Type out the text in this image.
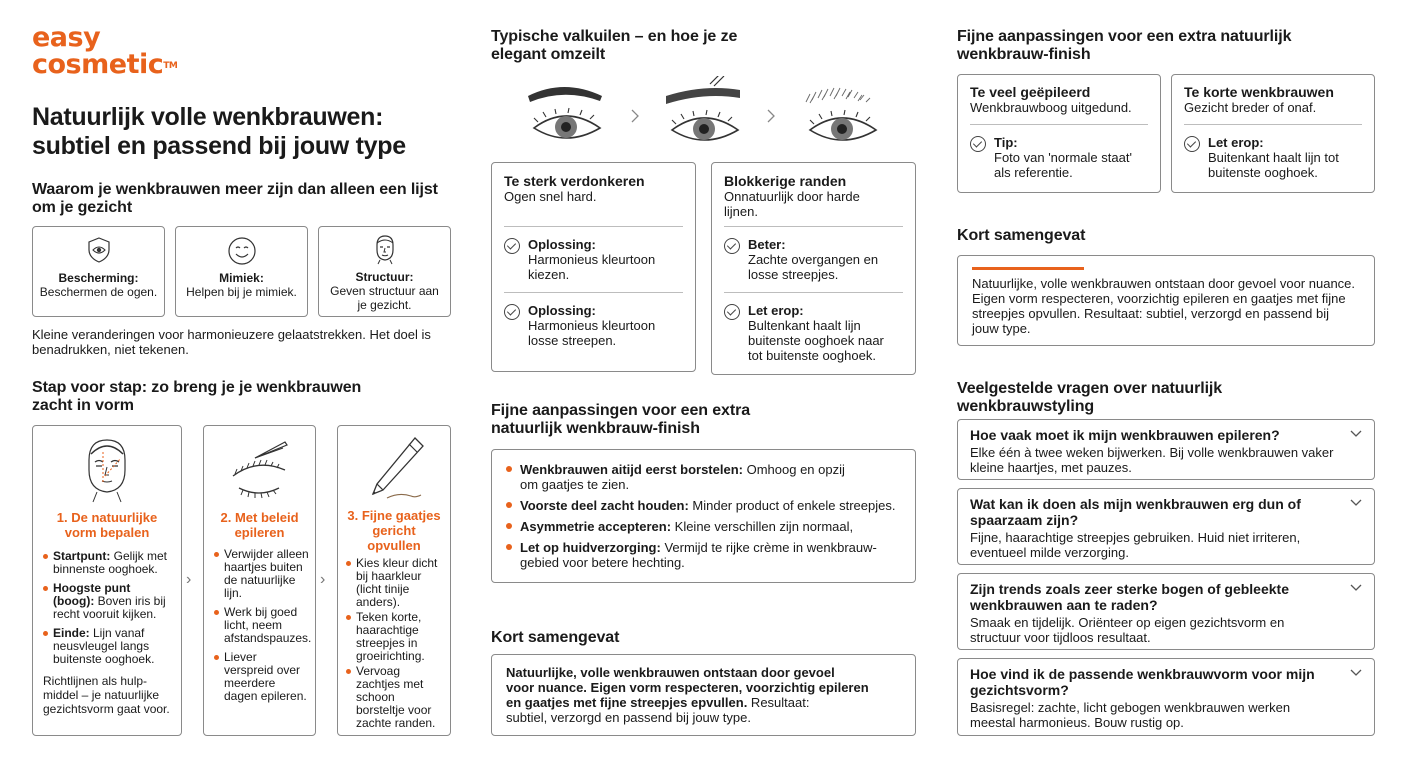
easy
cosmetic™
Natuurlijk volle wenkbrauwen:
subtiel en passend bij jouw type
Waarom je wenkbrauwen meer zijn dan alleen een lijst
om je gezicht
Bescherming:
Beschermen de ogen.
Mimiek:
Helpen bij je mimiek.
Structuur:
Geven structuur aan
je gezicht.
Kleine veranderingen voor harmonieuzere gelaatstrekken. Het doel is
benadrukken, niet tekenen.
Stap voor stap: zo breng je je wenkbrauwen
zacht in vorm
1. De natuurlijke
vorm bepalen
Startpunt: Gelijk met binnenste ooghoek.
Hoogste punt (boog): Boven iris bij recht vooruit kijken.
Einde: Lijn vanaf neusvleugel langs buitenste ooghoek.
Richtlijnen als hulp-middel – je natuurlijke gezichtsvorm gaat voor.
›
2. Met beleid
epileren
Verwijder alleen haartjes buiten de natuurlijke lijn.
Werk bij goed licht, neem afstandspauzes.
Liever verspreid over meerdere dagen epileren.
›
3. Fijne gaatjes
gericht
opvullen
Kies kleur dicht bij haarkleur (licht tinije anders).
Teken korte, haarachtige streepjes in groeirichting.
Vervoag zachtjes met schoon borsteltje voor zachte randen.
Typische valkuilen – en hoe je ze
elegant omzeilt
Te sterk verdonkeren
Ogen snel hard.
Oplossing:
Harmonieus kleurtoon
kiezen.
Oplossing:
Harmonieus kleurtoon
losse streepen.
Blokkerige randen
Onnatuurlijk door harde
lijnen.
Beter:
Zachte overgangen en
losse streepjes.
Let erop:
Bultenkant haalt lijn
buitenste ooghoek naar
tot buitenste ooghoek.
Fijne aanpassingen voor een extra
natuurlijk wenkbrauw-finish
Wenkbrauwen aitijd eerst borstelen: Omhoog en opzij
om gaatjes te zien.
Voorste deel zacht houden: Minder product of enkele streepjes.
Asymmetrie accepteren: Kleine verschillen zijn normaal,
Let op huidverzorging: Vermijd te rijke crème in wenkbrauw-
gebied voor betere hechting.
Kort samengevat
Natuurlijke, volle wenkbrauwen ontstaan door gevoel
voor nuance. Eigen vorm respecteren, voorzichtig epileren
en gaatjes met fijne streepjes epvullen. Resultaat:
subtiel, verzorgd en passend bij jouw type.
Fijne aanpassingen voor een extra natuurlijk
wenkbrauw-finish
Te veel geëpileerd
Wenkbrauwboog uitgedund.
Tip:
Foto van 'normale staat'
als referentie.
Te korte wenkbrauwen
Gezicht breder of onaf.
Let erop:
Buitenkant haalt lijn tot
buitenste ooghoek.
Kort samengevat
Natuurlijke, volle wenkbrauwen ontstaan door gevoel voor nuance.
Eigen vorm respecteren, voorzichtig epileren en gaatjes met fijne
streepjes opvullen. Resultaat: subtiel, verzorgd en passend bij
jouw type.
Veelgestelde vragen over natuurlijk
wenkbrauwstyling
Hoe vaak moet ik mijn wenkbrauwen epileren?
Elke één à twee weken bijwerken. Bij volle wenkbrauwen vaker
kleine haartjes, met pauzes.
Wat kan ik doen als mijn wenkbrauwen erg dun of
spaarzaam zijn?
Fijne, haarachtige streepjes gebruiken. Huid niet irriteren,
eventueel milde verzorging.
Zijn trends zoals zeer sterke bogen of gebleekte
wenkbrauwen aan te raden?
Smaak en tijdelijk. Oriënteer op eigen gezichtsvorm en
structuur voor tijdloos resultaat.
Hoe vind ik de passende wenkbrauwvorm voor mijn
gezichtsvorm?
Basisregel: zachte, licht gebogen wenkbrauwen werken
meestal harmonieus. Bouw rustig op.
